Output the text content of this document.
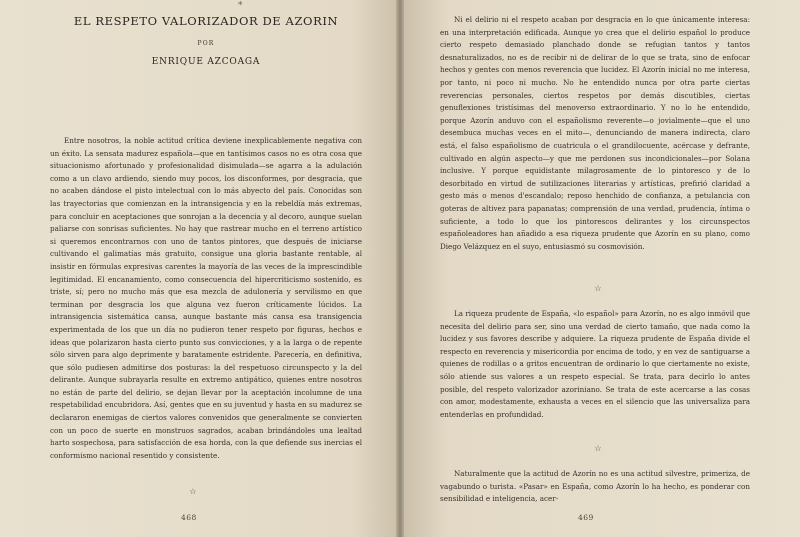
*
EL RESPETO VALORIZADOR DE AZORIN
POR
ENRIQUE AZCOAGA

Entre nosotros, la noble actitud crítica deviene inexplicablemente negativa con un éxito. La sensata madurez española—que en tantísimos casos no es otra cosa que situacionismo afortunado y profesionalidad disimulada—se agarra a la adulación como a un clavo ardiendo, siendo muy pocos, los disconformes, por desgracia, que no acaben dándose el pisto intelectual con lo más abyecto del país. Conocidas son las trayectorias que comienzan en la intransigencia y en la rebeldía más extremas, para concluir en aceptaciones que sonrojan a la decencia y al decoro, aunque suelan paliarse con sonrisas suficientes. No hay que rastrear mucho en el terreno artístico si queremos encontrarnos con uno de tantos pintores, que después de iniciarse cultivando el galimatías más gratuito, consigue una gloria bastante rentable, al insistir en fórmulas expresivas carentes la mayoría de las veces de la imprescindible legitimidad. El encanamiento, como consecuencia del hipercriticismo sostenido, es triste, sí; pero no mucho más que esa mezcla de adulonería y servilismo en que terminan por desgracia los que alguna vez fueron críticamente lúcidos. La intransigencia sistemática cansa, aunque bastante más cansa esa transigencia experimentada de los que un día no pudieron tener respeto por figuras, hechos e ideas que polarizaron hasta cierto punto sus convicciones, y a la larga o de repente sólo sirven para algo deprimente y baratamente estridente. Parecería, en definitiva, que sólo pudiesen admitirse dos posturas: la del respetuoso circunspecto y la del delirante. Aunque subrayarla resulte en extremo antipático, quienes entre nosotros no están de parte del delirio, se dejan llevar por la aceptación incolumne de una respetabilidad encubridora. Así, gentes que en su juventud y hasta en su madurez se declararon enemigas de ciertos valores convenidos que generalmente se convierten con un poco de suerte en monstruos sagrados, acaban brindándoles una lealtad harto sospechosa, para satisfacción de esa horda, con la que defiende sus inercias el conformismo nacional resentido y consistente.

☆
468

Ni el delirio ni el respeto acaban por desgracia en lo que únicamente interesa: en una interpretación edificada. Aunque yo crea que el delirio español lo produce cierto respeto demasiado planchado donde se refugian tantos y tantos desnaturalizados, no es de recibir ni de delirar de lo que se trata, sino de enfocar hechos y gentes con menos reverencia que lucidez. El Azorín inicial no me interesa, por tanto, ni poco ni mucho. No he entendido nunca por otra parte ciertas reverencias personales, ciertos respetos por demás discutibles, ciertas genuflexiones tristísimas del menoverso extraordinario. Y no lo he entendido, porque Azorín anduvo con el españolismo reverente—o jovialmente—que el uno desembuca muchas veces en el mito—, denunciando de manera indirecta, claro está, el falso españolismo de cuatricula o el grandilocuente, acércase y defrante, cultivado en algún aspecto—y que me perdonen sus incondicionales—por Solana inclusive. Y porque equidistante milagrosamente de lo pintoresco y de lo desorbitado en virtud de sutilizaciones literarias y artísticas, prefirió claridad a gesto más o menos d'escandalo; reposo henchido de confianza, a petulancia con goteras de altivez para papanatas; comprensión de una verdad, prudencia, íntima o suficiente, a todo lo que los pintorescos delirantes y los circunspectos españoleadores han añadido a esa riqueza prudente que Azorín en su plano, como Diego Velázquez en el suyo, entusiasmó su cosmovisión.

☆

La riqueza prudente de España, «lo español» para Azorín, no es algo inmóvil que necesita del delirio para ser, sino una verdad de cierto tamaño, que nada como la lucidez y sus favores describe y adquiere. La riqueza prudente de España divide el respecto en reverencia y misericordia por encima de todo, y en vez de santiguarse a quienes de rodillas o a gritos encuentran de ordinario lo que ciertamente no existe, sólo atiende sus valores a un respeto especial. Se trata, para decirlo lo antes posible, del respeto valorizador azoriniano. Se trata de este acercarse a las cosas con amor, modestamente, exhausta a veces en el silencio que las universaliza para entenderlas en profundidad.

☆

Naturalmente que la actitud de Azorín no es una actitud silvestre, primeriza, de vagabundo o turista. «Pasar» en España, como Azorín lo ha hecho, es ponderar con sensibilidad e inteligencia, acer-

469
